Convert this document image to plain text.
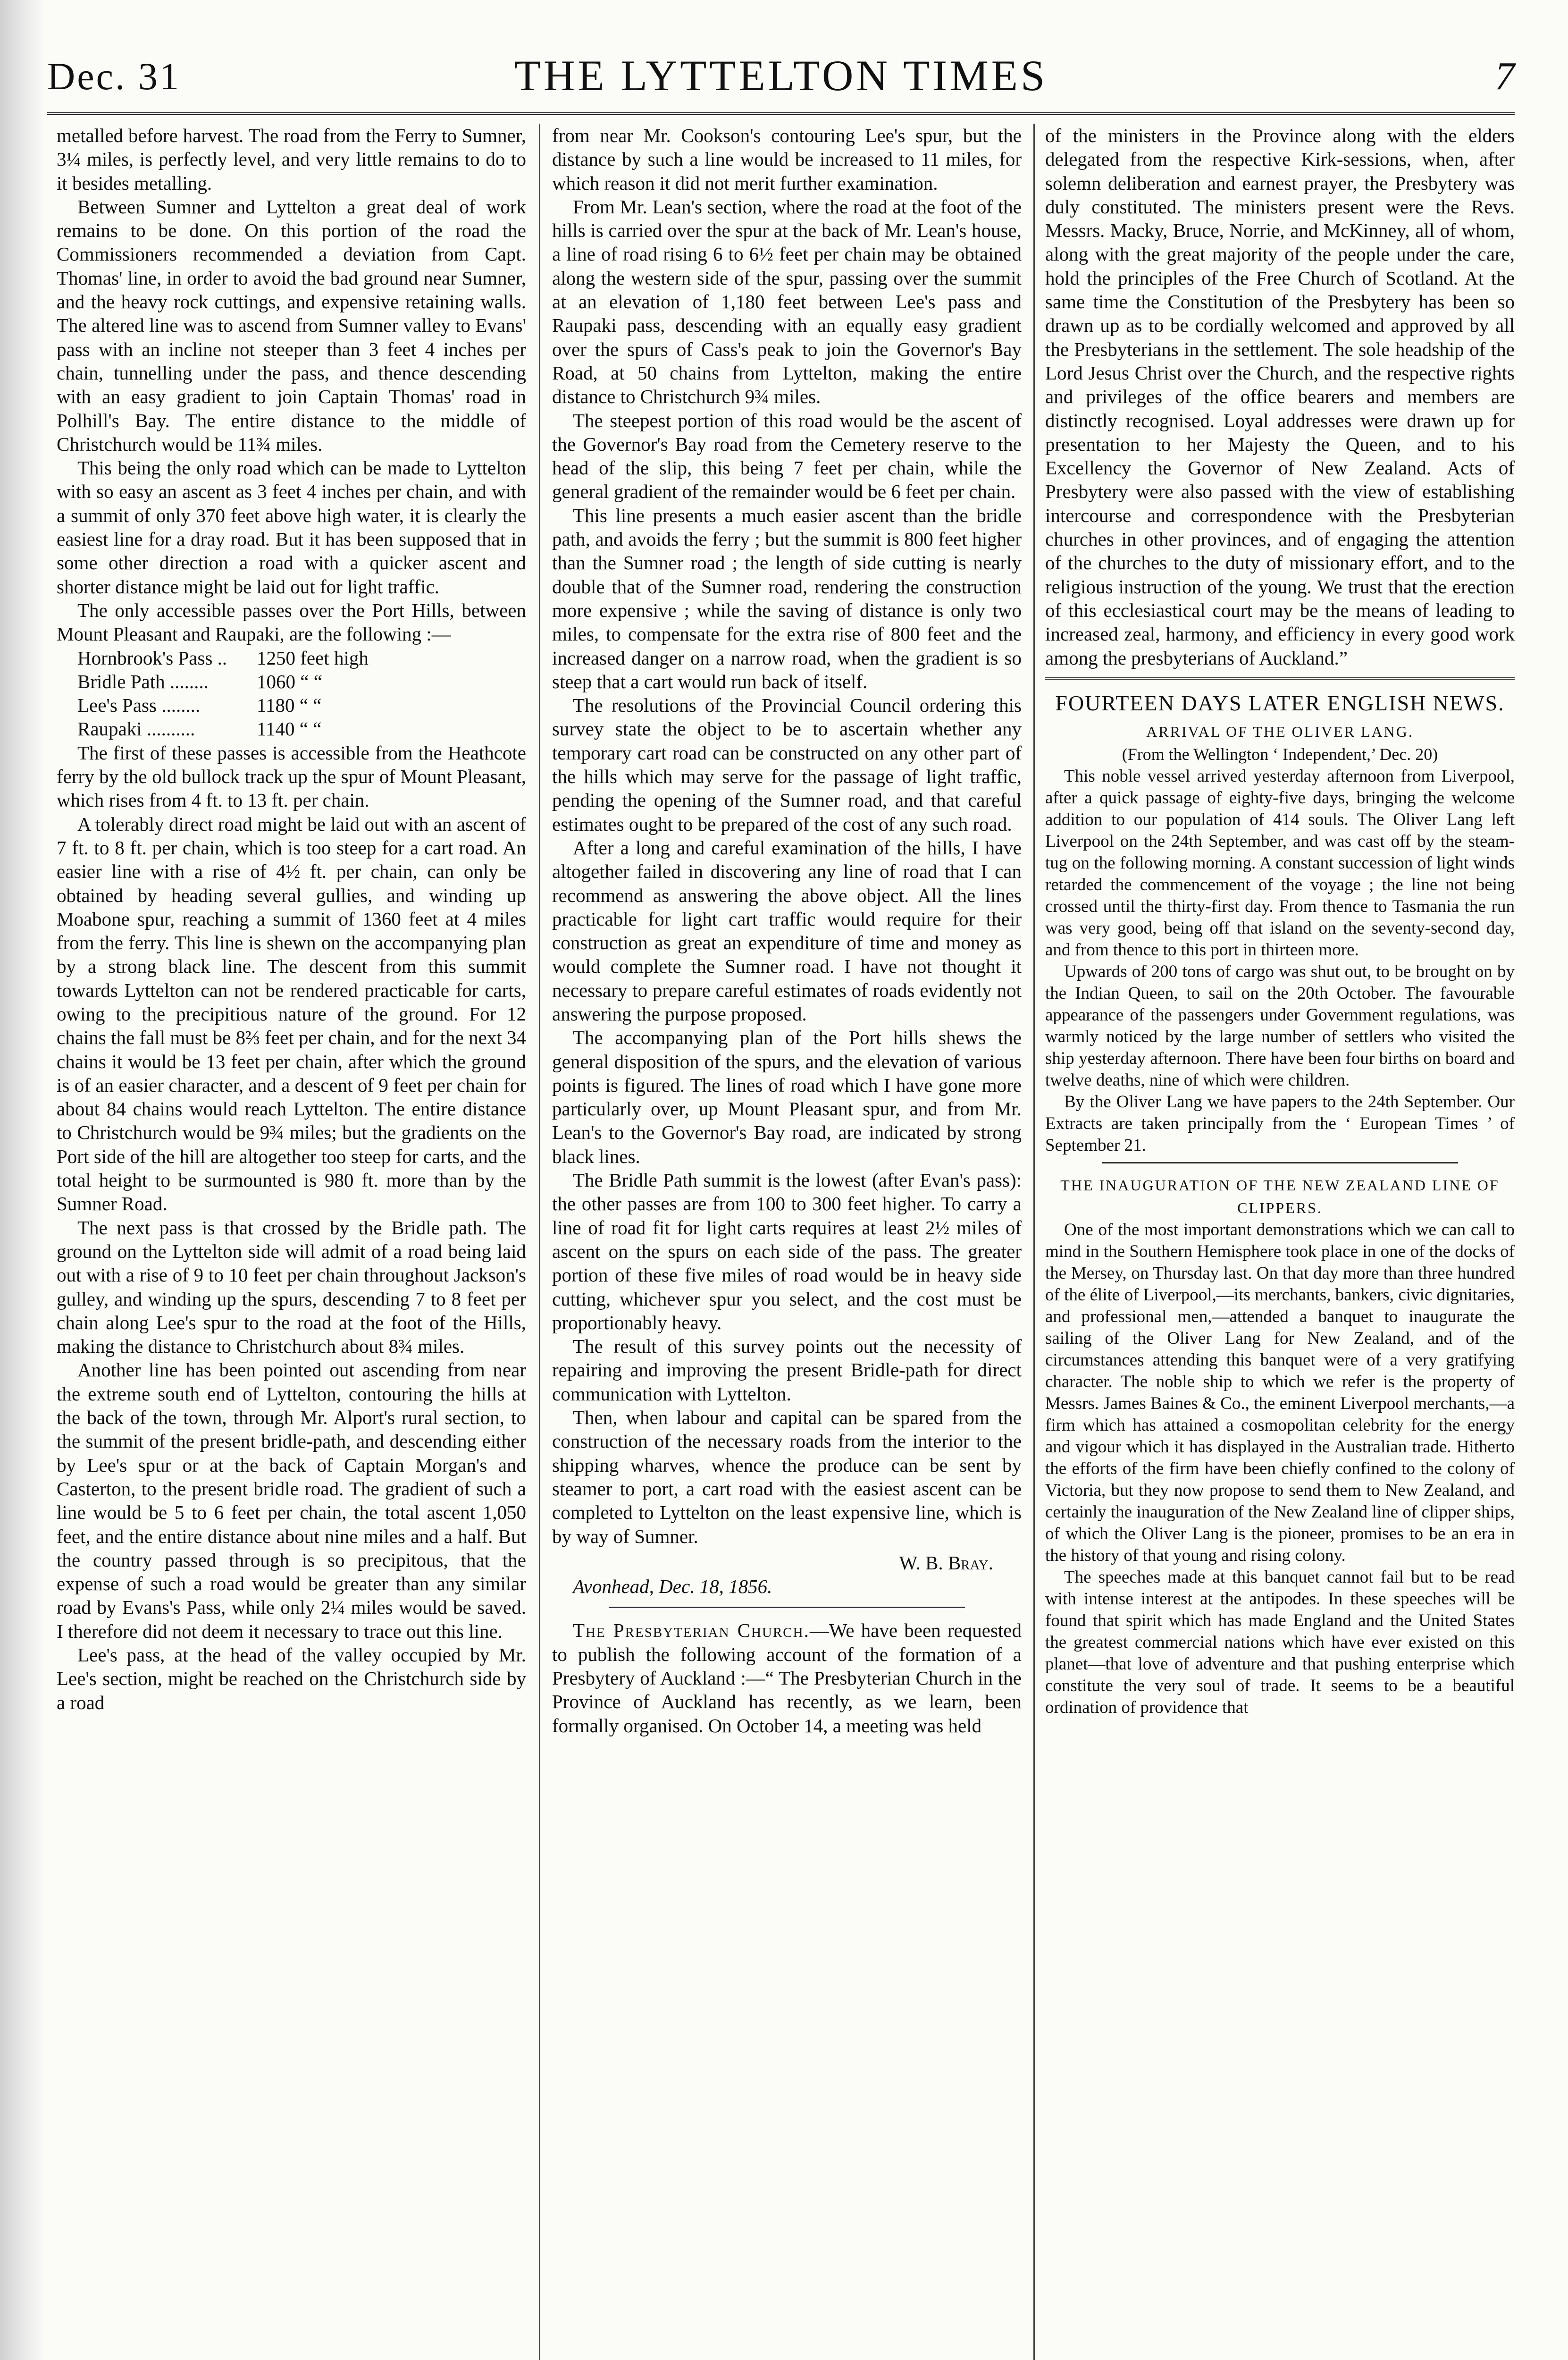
Dec. 31	THE LYTTELTON TIMES	7

metalled before harvest. The road from the Ferry to Sumner, 3¼ miles, is perfectly level, and very little remains to do to it besides metalling.

Between Sumner and Lyttelton a great deal of work remains to be done. On this portion of the road the Commissioners recommended a deviation from Capt. Thomas' line, in order to avoid the bad ground near Sumner, and the heavy rock cuttings, and expensive retaining walls. The altered line was to ascend from Sumner valley to Evans' pass with an incline not steeper than 3 feet 4 inches per chain, tunnelling under the pass, and thence descending with an easy gradient to join Captain Thomas' road in Polhill's Bay. The entire distance to the middle of Christchurch would be 11¾ miles.

This being the only road which can be made to Lyttelton with so easy an ascent as 3 feet 4 inches per chain, and with a summit of only 370 feet above high water, it is clearly the easiest line for a dray road. But it has been supposed that in some other direction a road with a quicker ascent and shorter distance might be laid out for light traffic.

The only accessible passes over the Port Hills, between Mount Pleasant and Raupaki, are the following :—

Hornbrook's Pass ..	1250 feet high
Bridle Path ........	1060 “ “
Lee's Pass ........	1180 “ “
Raupaki ..........	1140 “ “

The first of these passes is accessible from the Heathcote ferry by the old bullock track up the spur of Mount Pleasant, which rises from 4 ft. to 13 ft. per chain.

A tolerably direct road might be laid out with an ascent of 7 ft. to 8 ft. per chain, which is too steep for a cart road. An easier line with a rise of 4½ ft. per chain, can only be obtained by heading several gullies, and winding up Moabone spur, reaching a summit of 1360 feet at 4 miles from the ferry. This line is shewn on the accompanying plan by a strong black line. The descent from this summit towards Lyttelton can not be rendered practicable for carts, owing to the precipitious nature of the ground. For 12 chains the fall must be 8⅔ feet per chain, and for the next 34 chains it would be 13 feet per chain, after which the ground is of an easier character, and a descent of 9 feet per chain for about 84 chains would reach Lyttelton. The entire distance to Christchurch would be 9¾ miles; but the gradients on the Port side of the hill are altogether too steep for carts, and the total height to be surmounted is 980 ft. more than by the Sumner Road.

The next pass is that crossed by the Bridle path. The ground on the Lyttelton side will admit of a road being laid out with a rise of 9 to 10 feet per chain throughout Jackson's gulley, and winding up the spurs, descending 7 to 8 feet per chain along Lee's spur to the road at the foot of the Hills, making the distance to Christchurch about 8¾ miles.

Another line has been pointed out ascending from near the extreme south end of Lyttelton, contouring the hills at the back of the town, through Mr. Alport's rural section, to the summit of the present bridle-path, and descending either by Lee's spur or at the back of Captain Morgan's and Casterton, to the present bridle road. The gradient of such a line would be 5 to 6 feet per chain, the total ascent 1,050 feet, and the entire distance about nine miles and a half. But the country passed through is so precipitous, that the expense of such a road would be greater than any similar road by Evans's Pass, while only 2¼ miles would be saved. I therefore did not deem it necessary to trace out this line.

Lee's pass, at the head of the valley occupied by Mr. Lee's section, might be reached on the Christchurch side by a road

from near Mr. Cookson's contouring Lee's spur, but the distance by such a line would be increased to 11 miles, for which reason it did not merit further examination.

From Mr. Lean's section, where the road at the foot of the hills is carried over the spur at the back of Mr. Lean's house, a line of road rising 6 to 6½ feet per chain may be obtained along the western side of the spur, passing over the summit at an elevation of 1,180 feet between Lee's pass and Raupaki pass, descending with an equally easy gradient over the spurs of Cass's peak to join the Governor's Bay Road, at 50 chains from Lyttelton, making the entire distance to Christchurch 9¾ miles.

The steepest portion of this road would be the ascent of the Governor's Bay road from the Cemetery reserve to the head of the slip, this being 7 feet per chain, while the general gradient of the remainder would be 6 feet per chain.

This line presents a much easier ascent than the bridle path, and avoids the ferry ; but the summit is 800 feet higher than the Sumner road ; the length of side cutting is nearly double that of the Sumner road, rendering the construction more expensive ; while the saving of distance is only two miles, to compensate for the extra rise of 800 feet and the increased danger on a narrow road, when the gradient is so steep that a cart would run back of itself.

The resolutions of the Provincial Council ordering this survey state the object to be to ascertain whether any temporary cart road can be constructed on any other part of the hills which may serve for the passage of light traffic, pending the opening of the Sumner road, and that careful estimates ought to be prepared of the cost of any such road.

After a long and careful examination of the hills, I have altogether failed in discovering any line of road that I can recommend as answering the above object. All the lines practicable for light cart traffic would require for their construction as great an expenditure of time and money as would complete the Sumner road. I have not thought it necessary to prepare careful estimates of roads evidently not answering the purpose proposed.

The accompanying plan of the Port hills shews the general disposition of the spurs, and the elevation of various points is figured. The lines of road which I have gone more particularly over, up Mount Pleasant spur, and from Mr. Lean's to the Governor's Bay road, are indicated by strong black lines.

The Bridle Path summit is the lowest (after Evan's pass): the other passes are from 100 to 300 feet higher. To carry a line of road fit for light carts requires at least 2½ miles of ascent on the spurs on each side of the pass. The greater portion of these five miles of road would be in heavy side cutting, whichever spur you select, and the cost must be proportionably heavy.

The result of this survey points out the necessity of repairing and improving the present Bridle-path for direct communication with Lyttelton.

Then, when labour and capital can be spared from the construction of the necessary roads from the interior to the shipping wharves, whence the produce can be sent by steamer to port, a cart road with the easiest ascent can be completed to Lyttelton on the least expensive line, which is by way of Sumner.

W. B. Bray.
Avonhead, Dec. 18, 1856.

The Presbyterian Church.—We have been requested to publish the following account of the formation of a Presbytery of Auckland :—“ The Presbyterian Church in the Province of Auckland has recently, as we learn, been formally organised. On October 14, a meeting was held

of the ministers in the Province along with the elders delegated from the respective Kirk-sessions, when, after solemn deliberation and earnest prayer, the Presbytery was duly constituted. The ministers present were the Revs. Messrs. Macky, Bruce, Norrie, and McKinney, all of whom, along with the great majority of the people under the care, hold the principles of the Free Church of Scotland. At the same time the Constitution of the Presbytery has been so drawn up as to be cordially welcomed and approved by all the Presbyterians in the settlement. The sole headship of the Lord Jesus Christ over the Church, and the respective rights and privileges of the office bearers and members are distinctly recognised. Loyal addresses were drawn up for presentation to her Majesty the Queen, and to his Excellency the Governor of New Zealand. Acts of Presbytery were also passed with the view of establishing intercourse and correspondence with the Presbyterian churches in other provinces, and of engaging the attention of the churches to the duty of missionary effort, and to the religious instruction of the young. We trust that the erection of this ecclesiastical court may be the means of leading to increased zeal, harmony, and efficiency in every good work among the presbyterians of Auckland.”

FOURTEEN DAYS LATER ENGLISH NEWS.
ARRIVAL OF THE OLIVER LANG.
(From the Wellington ‘ Independent,’ Dec. 20)

This noble vessel arrived yesterday afternoon from Liverpool, after a quick passage of eighty-five days, bringing the welcome addition to our population of 414 souls. The Oliver Lang left Liverpool on the 24th September, and was cast off by the steam-tug on the following morning. A constant succession of light winds retarded the commencement of the voyage ; the line not being crossed until the thirty-first day. From thence to Tasmania the run was very good, being off that island on the seventy-second day, and from thence to this port in thirteen more.

Upwards of 200 tons of cargo was shut out, to be brought on by the Indian Queen, to sail on the 20th October. The favourable appearance of the passengers under Government regulations, was warmly noticed by the large number of settlers who visited the ship yesterday afternoon. There have been four births on board and twelve deaths, nine of which were children.

By the Oliver Lang we have papers to the 24th September. Our Extracts are taken principally from the ‘ European Times ’ of September 21.

THE INAUGURATION OF THE NEW ZEALAND LINE OF CLIPPERS.

One of the most important demonstrations which we can call to mind in the Southern Hemisphere took place in one of the docks of the Mersey, on Thursday last. On that day more than three hundred of the élite of Liverpool,—its merchants, bankers, civic dignitaries, and professional men,—attended a banquet to inaugurate the sailing of the Oliver Lang for New Zealand, and of the circumstances attending this banquet were of a very gratifying character. The noble ship to which we refer is the property of Messrs. James Baines & Co., the eminent Liverpool merchants,—a firm which has attained a cosmopolitan celebrity for the energy and vigour which it has displayed in the Australian trade. Hitherto the efforts of the firm have been chiefly confined to the colony of Victoria, but they now propose to send them to New Zealand, and certainly the inauguration of the New Zealand line of clipper ships, of which the Oliver Lang is the pioneer, promises to be an era in the history of that young and rising colony.

The speeches made at this banquet cannot fail but to be read with intense interest at the antipodes. In these speeches will be found that spirit which has made England and the United States the greatest commercial nations which have ever existed on this planet—that love of adventure and that pushing enterprise which constitute the very soul of trade. It seems to be a beautiful ordination of providence that
